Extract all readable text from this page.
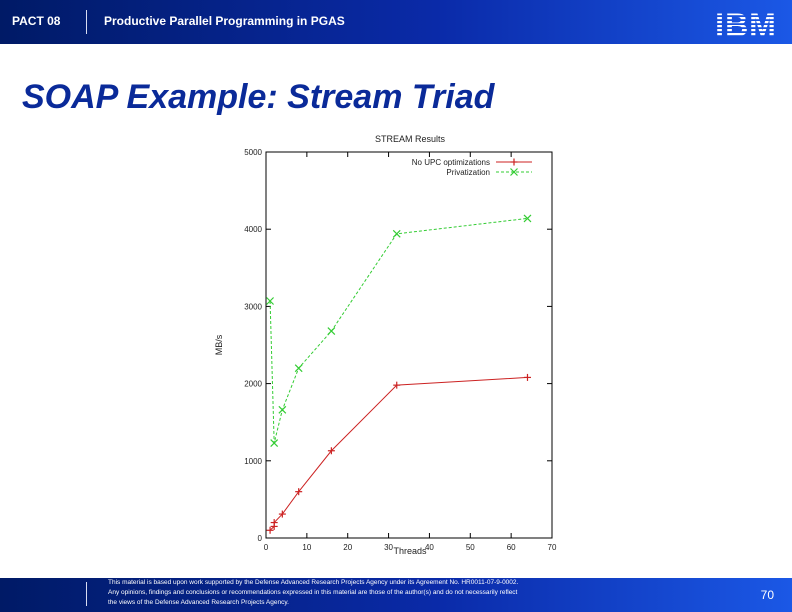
PACT 08	Productive Parallel Programming in PGAS
SOAP Example: Stream Triad
STREAM Results
0	10	20	30	40	50	60	70
0
1000
2000
3000
4000
5000
Threads
MB/s
No UPC optimizations
Privatization
This material is based upon work supported by the Defense Advanced Research Projects Agency under its Agreement No. HR0011-07-9-0002.
Any opinions, findings and conclusions or recommendations expressed in this material are those of the author(s) and do not necessarily reflect
the views of the Defense Advanced Research Projects Agency.
70
